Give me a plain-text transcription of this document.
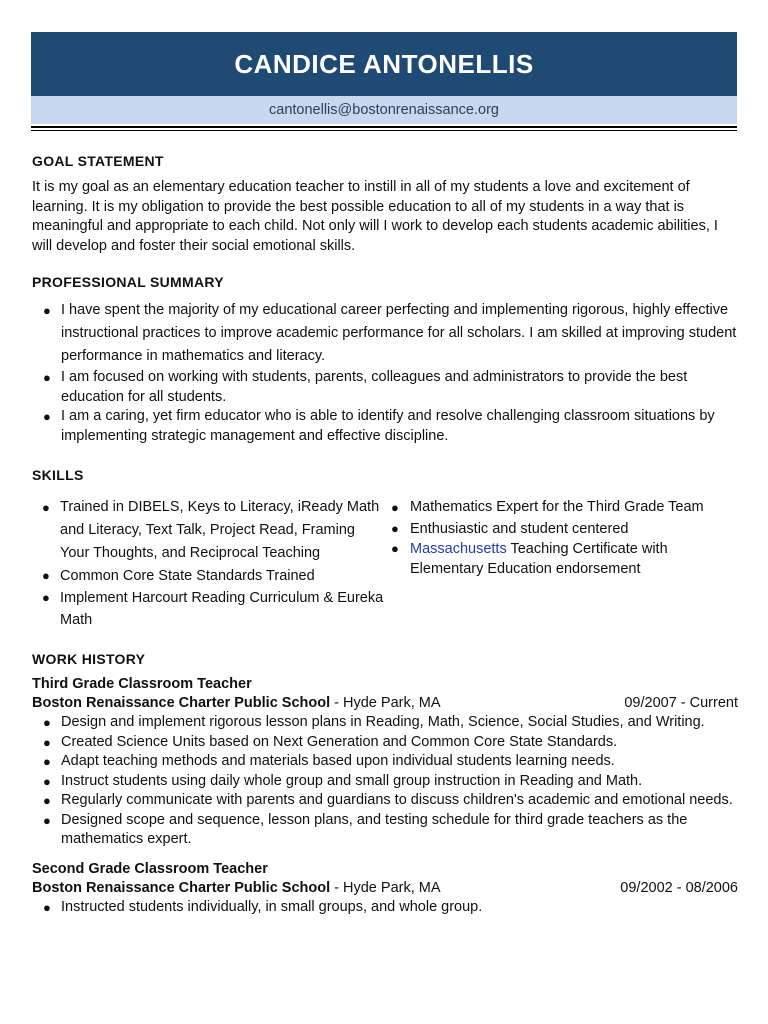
CANDICE ANTONELLIS
cantonellis@bostonrenaissance.org
GOAL STATEMENT
It is my goal as an elementary education teacher to instill in all of my students a love and excitement of learning. It is my obligation to provide the best possible education to all of my students in a way that is meaningful and appropriate to each child. Not only will I work to develop each students academic abilities, I will develop and foster their social emotional skills.
PROFESSIONAL SUMMARY
● I have spent the majority of my educational career perfecting and implementing rigorous, highly effective instructional practices to improve academic performance for all scholars. I am skilled at improving student performance in mathematics and literacy.
● I am focused on working with students, parents, colleagues and administrators to provide the best education for all students.
● I am a caring, yet firm educator who is able to identify and resolve challenging classroom situations by implementing strategic management and effective discipline.
SKILLS
● Trained in DIBELS, Keys to Literacy, iReady Math and Literacy, Text Talk, Project Read, Framing Your Thoughts, and Reciprocal Teaching
● Common Core State Standards Trained
● Implement Harcourt Reading Curriculum & Eureka Math
● Mathematics Expert for the Third Grade Team
● Enthusiastic and student centered
● Massachusetts Teaching Certificate with Elementary Education endorsement
WORK HISTORY
Third Grade Classroom Teacher
Boston Renaissance Charter Public School - Hyde Park, MA	09/2007 - Current
● Design and implement rigorous lesson plans in Reading, Math, Science, Social Studies, and Writing.
● Created Science Units based on Next Generation and Common Core State Standards.
● Adapt teaching methods and materials based upon individual students learning needs.
● Instruct students using daily whole group and small group instruction in Reading and Math.
● Regularly communicate with parents and guardians to discuss children's academic and emotional needs.
● Designed scope and sequence, lesson plans, and testing schedule for third grade teachers as the mathematics expert.
Second Grade Classroom Teacher
Boston Renaissance Charter Public School - Hyde Park, MA	09/2002 - 08/2006
● Instructed students individually, in small groups, and whole group.
